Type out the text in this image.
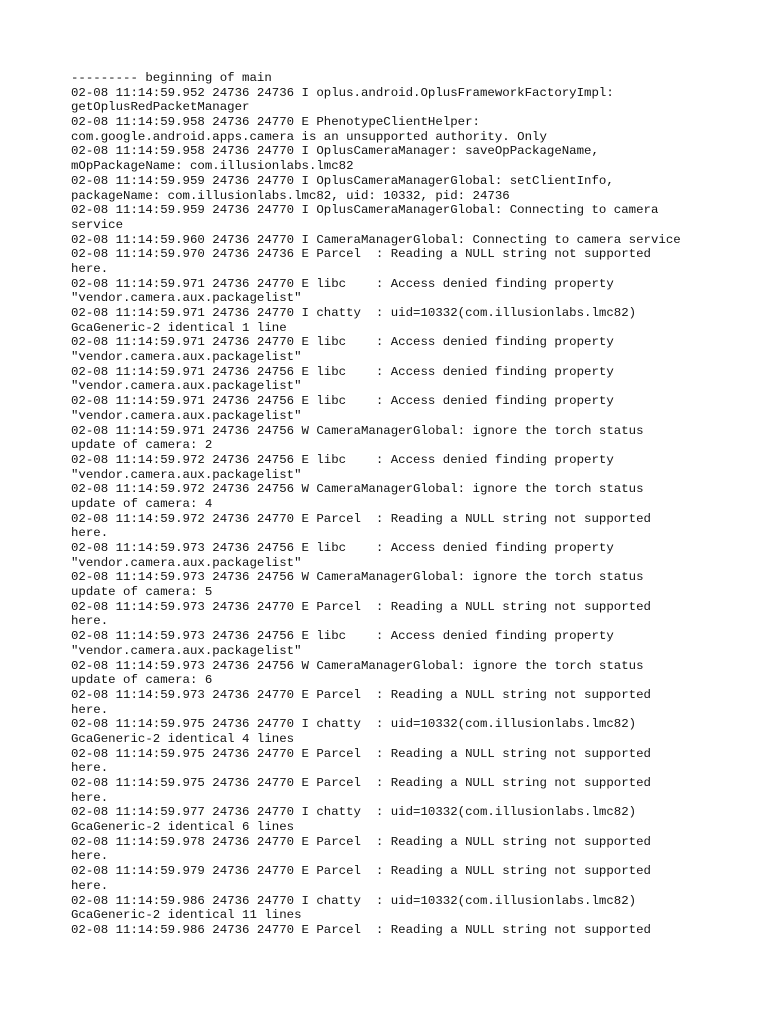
--------- beginning of main
02-08 11:14:59.952 24736 24736 I oplus.android.OplusFrameworkFactoryImpl:
getOplusRedPacketManager
02-08 11:14:59.958 24736 24770 E PhenotypeClientHelper:
com.google.android.apps.camera is an unsupported authority. Only
02-08 11:14:59.958 24736 24770 I OplusCameraManager: saveOpPackageName,
mOpPackageName: com.illusionlabs.lmc82
02-08 11:14:59.959 24736 24770 I OplusCameraManagerGlobal: setClientInfo,
packageName: com.illusionlabs.lmc82, uid: 10332, pid: 24736
02-08 11:14:59.959 24736 24770 I OplusCameraManagerGlobal: Connecting to camera
service
02-08 11:14:59.960 24736 24770 I CameraManagerGlobal: Connecting to camera service
02-08 11:14:59.970 24736 24736 E Parcel  : Reading a NULL string not supported
here.
02-08 11:14:59.971 24736 24770 E libc    : Access denied finding property
"vendor.camera.aux.packagelist"
02-08 11:14:59.971 24736 24770 I chatty  : uid=10332(com.illusionlabs.lmc82)
GcaGeneric-2 identical 1 line
02-08 11:14:59.971 24736 24770 E libc    : Access denied finding property
"vendor.camera.aux.packagelist"
02-08 11:14:59.971 24736 24756 E libc    : Access denied finding property
"vendor.camera.aux.packagelist"
02-08 11:14:59.971 24736 24756 E libc    : Access denied finding property
"vendor.camera.aux.packagelist"
02-08 11:14:59.971 24736 24756 W CameraManagerGlobal: ignore the torch status
update of camera: 2
02-08 11:14:59.972 24736 24756 E libc    : Access denied finding property
"vendor.camera.aux.packagelist"
02-08 11:14:59.972 24736 24756 W CameraManagerGlobal: ignore the torch status
update of camera: 4
02-08 11:14:59.972 24736 24770 E Parcel  : Reading a NULL string not supported
here.
02-08 11:14:59.973 24736 24756 E libc    : Access denied finding property
"vendor.camera.aux.packagelist"
02-08 11:14:59.973 24736 24756 W CameraManagerGlobal: ignore the torch status
update of camera: 5
02-08 11:14:59.973 24736 24770 E Parcel  : Reading a NULL string not supported
here.
02-08 11:14:59.973 24736 24756 E libc    : Access denied finding property
"vendor.camera.aux.packagelist"
02-08 11:14:59.973 24736 24756 W CameraManagerGlobal: ignore the torch status
update of camera: 6
02-08 11:14:59.973 24736 24770 E Parcel  : Reading a NULL string not supported
here.
02-08 11:14:59.975 24736 24770 I chatty  : uid=10332(com.illusionlabs.lmc82)
GcaGeneric-2 identical 4 lines
02-08 11:14:59.975 24736 24770 E Parcel  : Reading a NULL string not supported
here.
02-08 11:14:59.975 24736 24770 E Parcel  : Reading a NULL string not supported
here.
02-08 11:14:59.977 24736 24770 I chatty  : uid=10332(com.illusionlabs.lmc82)
GcaGeneric-2 identical 6 lines
02-08 11:14:59.978 24736 24770 E Parcel  : Reading a NULL string not supported
here.
02-08 11:14:59.979 24736 24770 E Parcel  : Reading a NULL string not supported
here.
02-08 11:14:59.986 24736 24770 I chatty  : uid=10332(com.illusionlabs.lmc82)
GcaGeneric-2 identical 11 lines
02-08 11:14:59.986 24736 24770 E Parcel  : Reading a NULL string not supported
